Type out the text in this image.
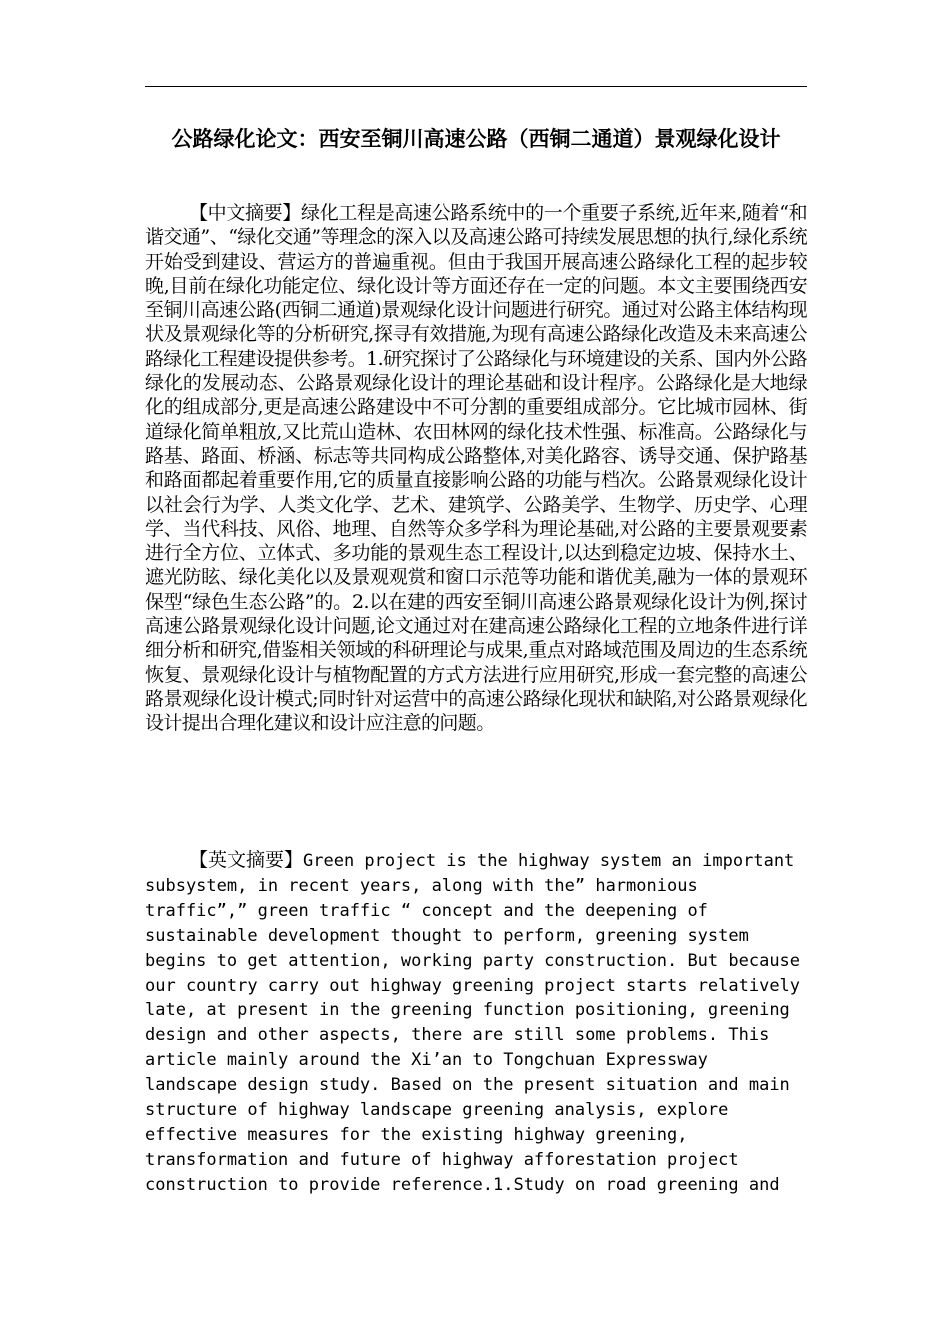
公路绿化论文：西安至铜川高速公路（西铜二通道）景观绿化设计

【中文摘要】绿化工程是高速公路系统中的一个重要子系统,近年来,随着“和谐交通”、“绿化交通”等理念的深入以及高速公路可持续发展思想的执行,绿化系统开始受到建设、营运方的普遍重视。但由于我国开展高速公路绿化工程的起步较晚,目前在绿化功能定位、绿化设计等方面还存在一定的问题。本文主要围绕西安至铜川高速公路(西铜二通道)景观绿化设计问题进行研究。通过对公路主体结构现状及景观绿化等的分析研究,探寻有效措施,为现有高速公路绿化改造及未来高速公路绿化工程建设提供参考。1.研究探讨了公路绿化与环境建设的关系、国内外公路绿化的发展动态、公路景观绿化设计的理论基础和设计程序。公路绿化是大地绿化的组成部分,更是高速公路建设中不可分割的重要组成部分。它比城市园林、街道绿化简单粗放,又比荒山造林、农田林网的绿化技术性强、标准高。公路绿化与路基、路面、桥涵、标志等共同构成公路整体,对美化路容、诱导交通、保护路基和路面都起着重要作用,它的质量直接影响公路的功能与档次。公路景观绿化设计以社会行为学、人类文化学、艺术、建筑学、公路美学、生物学、历史学、心理学、当代科技、风俗、地理、自然等众多学科为理论基础,对公路的主要景观要素进行全方位、立体式、多功能的景观生态工程设计,以达到稳定边坡、保持水土、遮光防眩、绿化美化以及景观观赏和窗口示范等功能和谐优美,融为一体的景观环保型“绿色生态公路”的。2.以在建的西安至铜川高速公路景观绿化设计为例,探讨高速公路景观绿化设计问题,论文通过对在建高速公路绿化工程的立地条件进行详细分析和研究,借鉴相关领域的科研理论与成果,重点对路域范围及周边的生态系统恢复、景观绿化设计与植物配置的方式方法进行应用研究,形成一套完整的高速公路景观绿化设计模式;同时针对运营中的高速公路绿化现状和缺陷,对公路景观绿化设计提出合理化建议和设计应注意的问题。

【英文摘要】Green project is the highway system an important subsystem, in recent years, along with the” harmonious traffic”,” green traffic “ concept and the deepening of sustainable development thought to perform, greening system begins to get attention, working party construction. But because our country carry out highway greening project starts relatively late, at present in the greening function positioning, greening design and other aspects, there are still some problems. This article mainly around the Xi’an to Tongchuan Expressway landscape design study. Based on the present situation and main structure of highway landscape greening analysis, explore effective measures for the existing highway greening, transformation and future of highway afforestation project construction to provide reference.1.Study on road greening and
